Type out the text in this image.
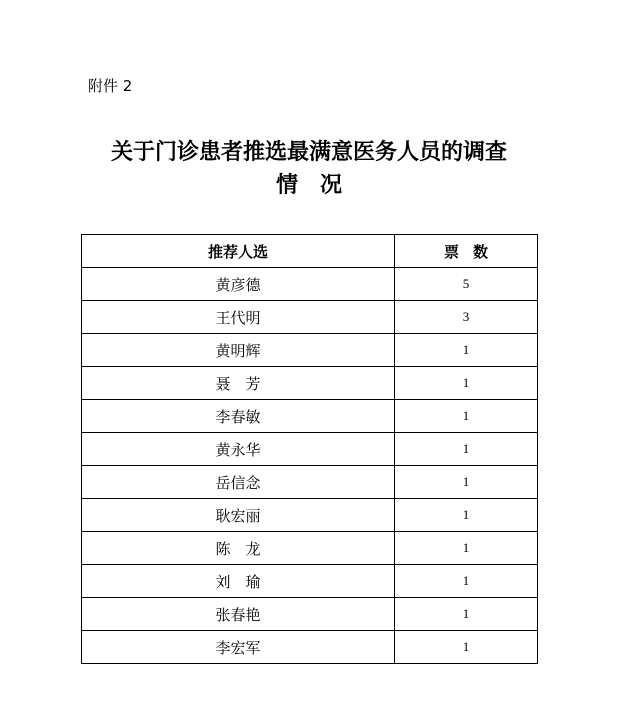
附件 2
关于门诊患者推选最满意医务人员的调查
情况
推荐人选	票数
黄彦德	5
王代明	3
黄明辉	1
聂　芳	1
李春敏	1
黄永华	1
岳信念	1
耿宏丽	1
陈　龙	1
刘　瑜	1
张春艳	1
李宏军	1
